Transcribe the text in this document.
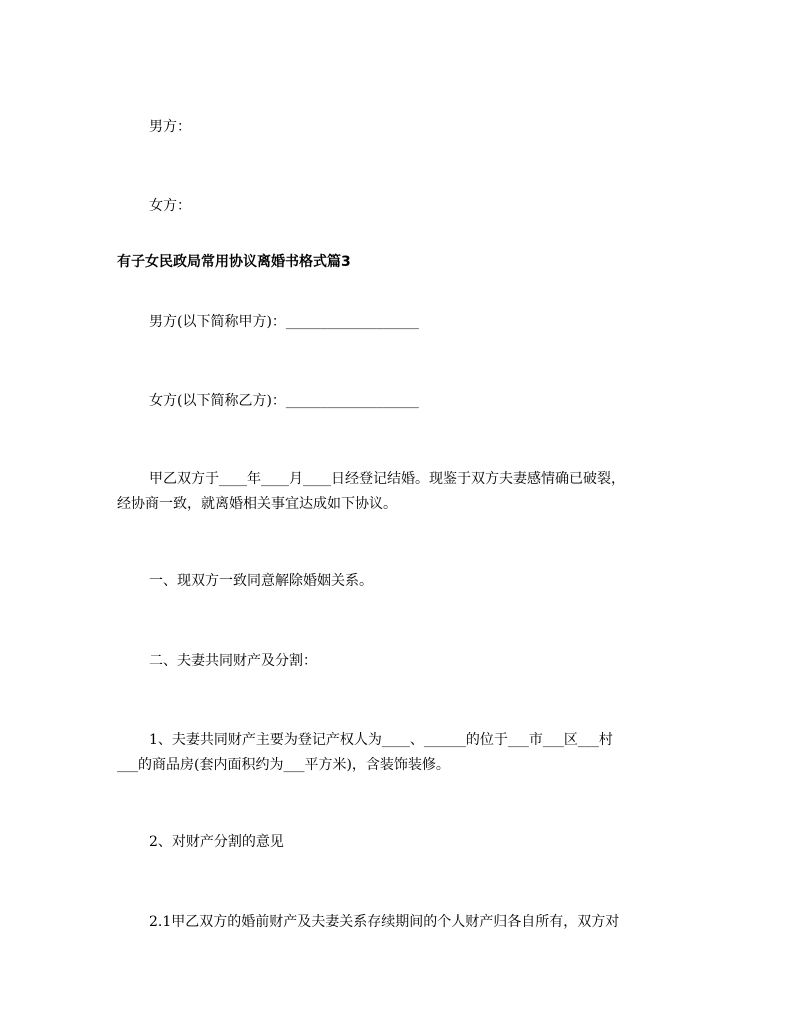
男方：
女方：
有子女民政局常用协议离婚书格式篇3
男方(以下简称甲方)：___________________
女方(以下简称乙方)：___________________
甲乙双方于____年____月____日经登记结婚。现鉴于双方夫妻感情确已破裂，
经协商一致，就离婚相关事宜达成如下协议。
一、现双方一致同意解除婚姻关系。
二、夫妻共同财产及分割：
1、夫妻共同财产主要为登记产权人为____、______的位于___市___区___村
___的商品房(套内面积约为___平方米)，含装饰装修。
2、对财产分割的意见
2.1甲乙双方的婚前财产及夫妻关系存续期间的个人财产归各自所有，双方对
